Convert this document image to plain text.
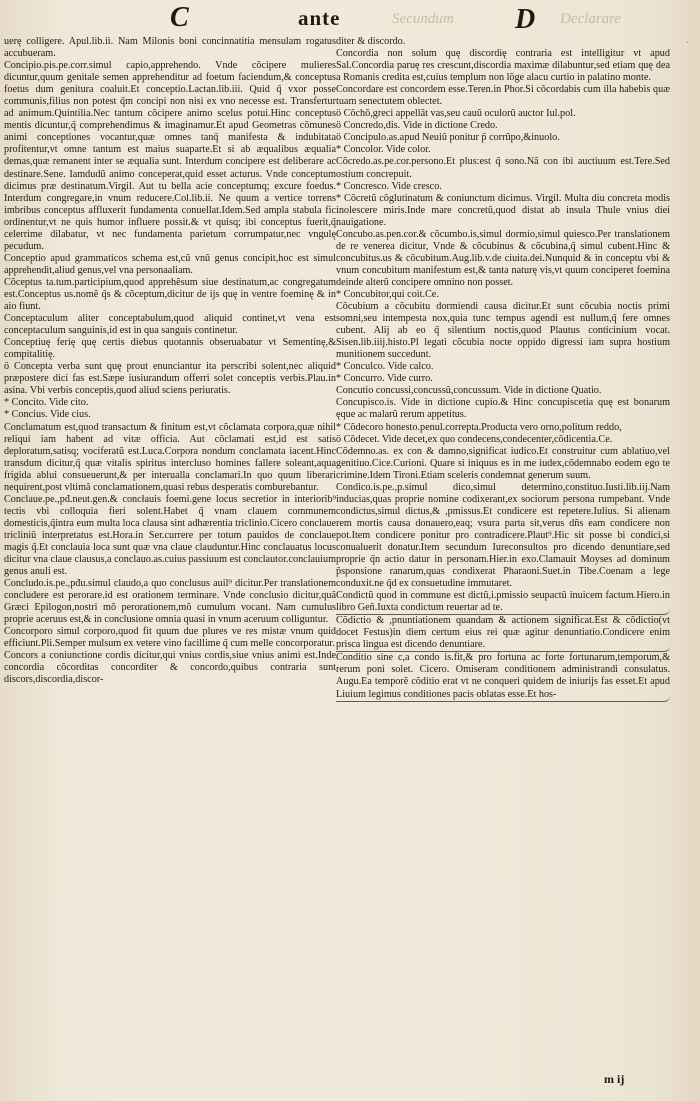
C	ante	D
Secundum	Declarare
·

uerę colligere. Apul.lib.ii. Nam Milonis boni concinnatitia mensulam rogatus accubueram.

Concipio.pis.pe.corr.simul capio,apprehendo. Vnde cõcipere mulieres dicuntur,quum genitale semen apprehenditur ad foetum faciendum,& conceptus foetus dum genitura coaluit.Et conceptio.Lactan.lib.iii. Quid q̃ vxor posse communis,filius non potest q̃m concipi non nisi ex vno necesse est. Transfertur ad animum.Quintilia.Nec tantum cõcipere animo scelus potui.Hinc conceptus mentis dicuntur,q̃ comprehendimus & imaginamur.Et apud Geometras cõmunes animi conceptiones vocantur,quæ omnes tanq̃ manifesta & indubitata profitentur,vt omne tantum est maius suaparte.Et si ab æqualibus æqualia demas,quæ remanent inter se æqualia sunt. Interdum concipere est deliberare ac destinare.Sene. Iamdudũ animo conceperat,quid esset acturus. Vnde conceptum dicimus præ destinatum.Virgil. Aut tu bella acie conceptumq; excure foedus. Interdum congregare,in vnum reducere.Col.lib.ii. Ne quum a vertice torrens imbribus conceptus affluxerit fundamenta conuellat.Idem.Sed ampla stabula fic ordinentur,vt ne quis humor influere possit.& vt quisq; ibi conceptus fuerit,q̃ celerrime dilabatur, vt nec fundamenta parietum corrumpatur,nec vngulę pecudum.

Conceptio apud grammaticos schema est,cũ vnũ genus concipit,hoc est simul apprehendit,aliud genus,vel vna personaaliam.

Cõceptus ta.tum.participium,quod apprehẽsum siue destinatum,ac congregatum est.Conceptus us.nomẽ q̃s & cõceptum,dicitur de ijs quę in ventre foeminę & in aio fiunt.

Conceptaculum aliter conceptabulum,quod aliquid continet,vt vena est conceptaculum sanguinis,id est in qua sanguis continetur.

Conceptiuę ferię quę certis diebus quotannis obseruabatur vt Sementinę,& compitalitię.

ö Concepta verba sunt quę prout enunciantur ita perscribi solent,nec aliquid præpostere dici fas est.Sæpe iusiurandum offerri solet conceptis verbis.Plau.in asina. Vbi verbis conceptis,quod aliud sciens periuratis.

* Concito. Vide cito.

* Concius. Vide cius.

Conclamatum est,quod transactum & finitum est,vt cõclamata corpora,quæ nihil reliqui iam habent ad vitæ officia. Aut cõclamati est,id est satis deploratum,satisq; vociferatũ est.Luca.Corpora nondum conclamata iacent.Hinc transdum dicitur,q̃ quæ vitalis spiritus intercluso homines fallere soleant,aqua frigida ablui consueuerunt,& per interualla conclamari.In quo quum liberari nequirent,post vltimã conclamationem,quasi rebus desperatis comburebantur.

Conclaue.pe.,pđ.neut.gen.& concłauis foemi.gene locus secretior in interiorib⁹ tectis vbi colloquia fieri solent.Habet q̃ vnam clauem communem domesticis,q̃intra eum multa loca clausa sint adhærentia triclinio.Cicero conclaue tricliniũ interpretatus est.Hora.in Ser.currere per totum pauidos de conclaue magis q̃.Et conclauia loca sunt quæ vna claue clauduntur.Hinc conclauatus locus dicitur vna claue clausus,a conclauo.as.cuius passiuum est conclautor.conclauium genus anuli est.

Concludo.is.pe.,pđu.simul claudo,a quo conclusus auil⁹ dicitur.Per translationem concludere est perorare.id est orationem terminare. Vnde conclusio dicitur,quã Græci Epilogon,nostri mõ perorationem,mõ cumulum vocant. Nam cumulus proprie aceruus est,& in conclusione omnia quasi in vnum aceruum colliguntur.

Concorporo simul corporo,quod fit quum due plures ve res mistæ vnum quid efficiunt.Pli.Semper mulsum ex vetere vino facillime q̃ cum melle concorporatur.

Concors a coniunctione cordis dicitur,qui vnius cordis,siue vnius animi est.Inde concordia cõcorditas concorditer & concordo,quibus contraria sunt discors,discordia,discor-

diter & discordo.

Concordia non solum quę discordię contraria est intelligitur vt apud Sal.Concordia paruę res crescunt,discordia maximæ dilabuntur,sed etiam quę dea a Romanis credita est,cuius templum non lõge alacu curtio in palatino monte.

Concordare est concordem esse.Teren.in Phor.Si cõcordabis cum illa habebis quæ tuam senectutem oblectet.

ö Cõchõ,greci appellãt vas,seu cauũ oculorũ auctor Iul.pol.

ö Concredo,dis. Vide in dictione Credo.

ö Concipulo.as.apud Neuiũ ponitur p̃ corrũpo,&inuolo.

* Concolor. Vide color.

Cõcredo.as.pe.cor.persono.Et plus:est q̃ sono.Nã con ibi auctiuum est.Tere.Sed ostium concrepuit.

* Concresco. Vide cresco.

* Cõcretũ cõglutinatum & coniunctum dicimus. Virgil. Multa diu concreta modis inolescere miris.Inde mare concretũ,quod distat ab insula Thule vnius diei nauigatione.

Concubo.as.pen.cor.& cõcumbo.is,simul dormio,simul quiesco.Per translationem de re venerea dicitur, Vnde & cõcubinus & cõcubina,q̃ simul cubent.Hinc & concubitus.us & cõcubitum.Aug.lib.v.de ciuita.dei.Nunquid & in conceptu vbi & vnum concubitum manifestum est,& tanta naturę vis,vt quum conciperet foemina deinde alterũ concipere omnino non posset.

* Concubitor,qui coit.Ce.

Cõcubium a cõcubitu dormiendi causa dicitur.Et sunt cõcubia noctis primi somni,seu intempesta nox,quia tunc tempus agendi est nullum,q̃ fere omnes cubent. Alij ab eo q̃ silentium noctis,quod Plautus conticinium vocat. Sisen.lib.iiij.histo.Pl legati cõcubia nocte oppido digressi iam supra hostium munitionem succedunt.

* Conculco. Vide calco.

* Concurro. Vide curro.

Concutio concussi,concussũ,concussum. Vide in dictione Quatio.

Concupisco.is. Vide in dictione cupio.& Hinc concupiscetia quę est bonarum ęque ac malarũ rerum appetitus.

* Cõdecoro honesto.penul.correpta.Producta vero orno,politum reddo,

ö Cõdecet. Vide decet,ex quo condecens,condecenter,cõdicentia.Ce.

Cõdemno.as. ex con & damno,significat iudico.Et construitur cum ablatiuo,vel genitiuo.Cice.Curioni. Quare si iniquus es in me iudex,cõdemnabo eodem ego te crimine.Idem Tironi.Etiam sceleris condemnat generum suum.

Condico.is.pe.,p.simul dico,simul determino,constituo.Iusti.lib.iij.Nam inducias,quas proprie nomine codixerant,ex sociorum persona rumpebant. Vnde condictus,simul dictus,& ,pmissus.Et condicere est repetere.Iulius. Si alienam rem mortis causa donauero,eaq; vsura parta sit,verus dñs eam condicere non pot.Item condicere ponitur pro contradicere.Plaut⁹.Hic sit posse bi condici,si conualuerit donatur.Item secundum Iureconsultos pro dicendo denuntiare,sed proprie q̃n actio datur in personam.Hier.in exo.Clamauit Moyses ad dominum p̃sponsione ranarum,quas condixerat Pharaoni.Suet.in Tibe.Coenam a lege conduxit.ne q̃d ex consuetudine immutaret.

Condictũ quod in commune est dictũ,i.pmissio seupactũ inuicem factum.Hiero.in libro Geñ.Iuxta condictum reuertar ad te.

Cõdictio & ,pnuntiationem quandam & actionem significat.Est & cõdictio(vt docet Festus)in diem certum eius rei quæ agitur denuntiatio.Condicere enim prisca lingua est dicendo denuntiare.

Conditio sine c,a condo is.fit,& pro fortuna ac forte fortunarum,temporum,& rerum poni solet. Cicero. Omiseram conditionem administrandi consulatus. Augu.Ea temporẽ cõditio erat vt ne conqueri quidem de iniurijs fas esset.Et apud Liuium legimus conditiones pacis oblatas esse.Et hos-

m ij
